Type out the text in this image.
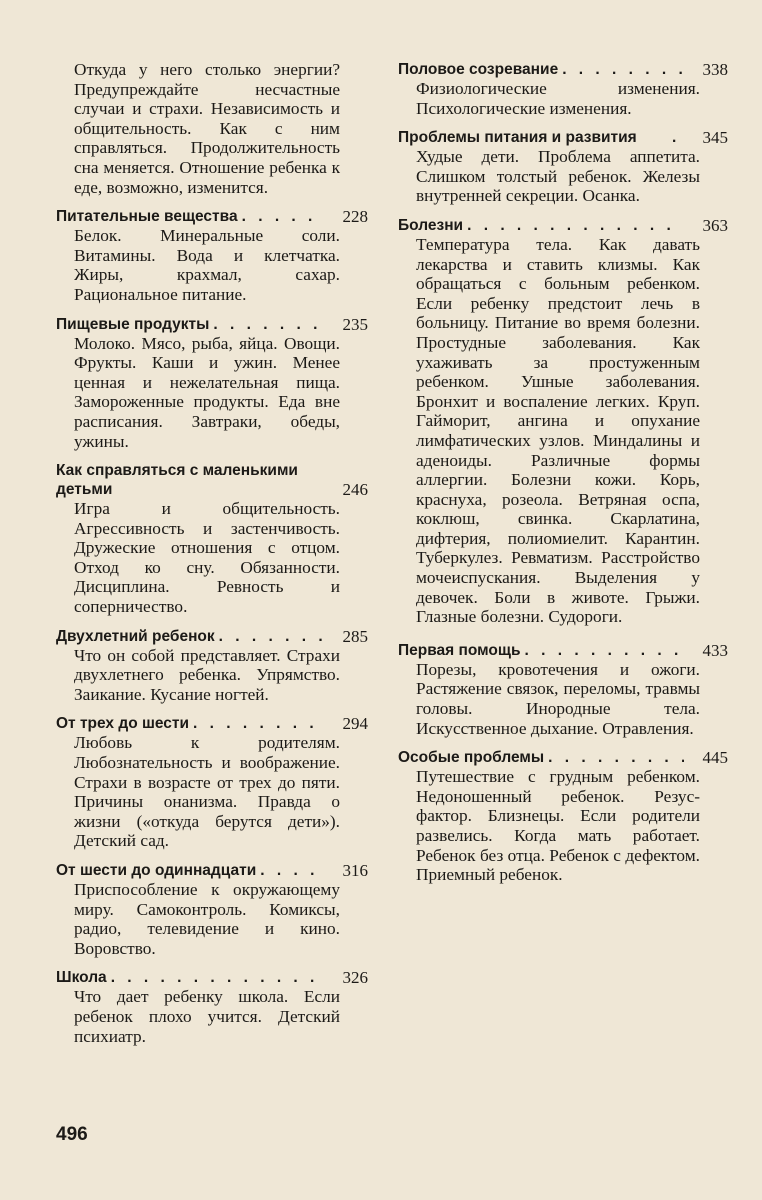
Откуда у него столько энергии? Предупреждайте несчастные случаи и страхи. Независимость и общительность. Как с ним справляться. Продолжительность сна меняется. Отношение ребенка к еде, возможно, изменится.
Питательные вещества . . .	228
Белок. Минеральные соли. Витамины. Вода и клетчатка. Жиры, крахмал, сахар. Рациональное питание.
Пищевые продукты . . .	235
Молоко. Мясо, рыба, яйца. Овощи. Фрукты. Каши и ужин. Менее ценная и нежелательная пища. Замороженные продукты. Еда вне расписания. Завтраки, обеды, ужины.
Как справляться с маленькими детьми	246
Игра и общительность. Агрессивность и застенчивость. Дружеские отношения с отцом. Отход ко сну. Обязанности. Дисциплина. Ревность и соперничество.
Двухлетний ребенок . . .	285
Что он собой представляет. Страхи двухлетнего ребенка. Упрямство. Заикание. Кусание ногтей.
От трех до шести . . .	294
Любовь к родителям. Любознательность и воображение. Страхи в возрасте от трех до пяти. Причины онанизма. Правда о жизни («откуда берутся дети»). Детский сад.
От шести до одиннадцати . . .	316
Приспособление к окружающему миру. Самоконтроль. Комиксы, радио, телевидение и кино. Воровство.
Школа . . .	326
Что дает ребенку школа. Если ребенок плохо учится. Детский психиатр.
Половое созревание . . .	338
Физиологические изменения. Психологические изменения.
Проблемы питания и развития . . .	345
Худые дети. Проблема аппетита. Слишком толстый ребенок. Железы внутренней секреции. Осанка.
Болезни . . .	363
Температура тела. Как давать лекарства и ставить клизмы. Как обращаться с больным ребенком. Если ребенку предстоит лечь в больницу. Питание во время болезни. Простудные заболевания. Как ухаживать за простуженным ребенком. Ушные заболевания. Бронхит и воспаление легких. Круп. Гайморит, ангина и опухание лимфатических узлов. Миндалины и аденоиды. Различные формы аллергии. Болезни кожи. Корь, краснуха, розеола. Ветряная оспа, коклюш, свинка. Скарлатина, дифтерия, полиомиелит. Карантин. Туберкулез. Ревматизм. Расстройство мочеиспускания. Выделения у девочек. Боли в животе. Грыжи. Глазные болезни. Судороги.
Первая помощь . . .	433
Порезы, кровотечения и ожоги. Растяжение связок, переломы, травмы головы. Инородные тела. Искусственное дыхание. Отравления.
Особые проблемы . . .	445
Путешествие с грудным ребенком. Недоношенный ребенок. Резус-фактор. Близнецы. Если родители развелись. Когда мать работает. Ребенок без отца. Ребенок с дефектом. Приемный ребенок.
496
